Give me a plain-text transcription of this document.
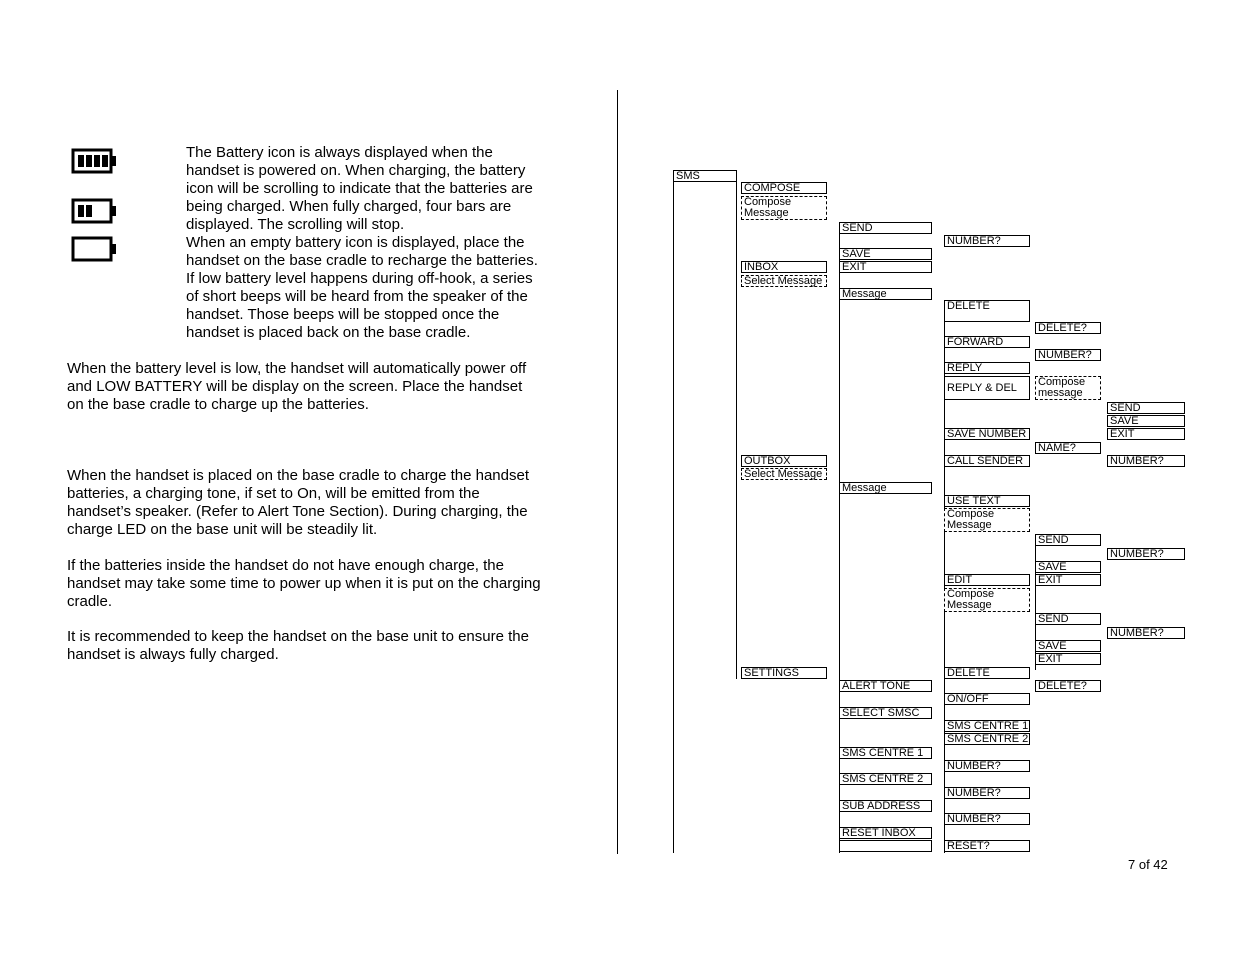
The Battery icon is always displayed when the
handset is powered on. When charging, the battery
icon will be scrolling to indicate that the batteries are
being charged. When fully charged, four bars are
displayed. The scrolling will stop.
When an empty battery icon is displayed, place the
handset on the base cradle to recharge the batteries.
If low battery level happens during off-hook, a series
of short beeps will be heard from the speaker of the
handset. Those beeps will be stopped once the
handset is placed back on the base cradle.
When the battery level is low, the handset will automatically power off
and LOW BATTERY will be display on the screen. Place the handset
on the base cradle to charge up the batteries.
When the handset is placed on the base cradle to charge the handset
batteries, a charging tone, if set to On, will be emitted from the
handset’s speaker. (Refer to Alert Tone Section). During charging, the
charge LED on the base unit will be steadily lit.
If the batteries inside the handset do not have enough charge, the
handset may take some time to power up when it is put on the charging
cradle.
It is recommended to keep the handset on the base unit to ensure the
handset is always fully charged.
SMS
COMPOSE
Compose
Message
SEND
NUMBER?
SAVE
INBOX	EXIT
Select Message
Message
DELETE
DELETE?
FORWARD
NUMBER?
REPLY
REPLY & DEL	Compose
message
SEND
SAVE
SAVE NUMBER	EXIT
NAME?
OUTBOX	CALL SENDER	NUMBER?
Select Message
Message
USE TEXT
Compose
Message
SEND
NUMBER?
SAVE
EDIT	EXIT
Compose
Message
SEND
NUMBER?
SAVE
EXIT
SETTINGS	DELETE
ALERT TONE	DELETE?
ON/OFF
SELECT SMSC
SMS CENTRE 1
SMS CENTRE 2
SMS CENTRE 1
NUMBER?
SMS CENTRE 2
NUMBER?
SUB ADDRESS
NUMBER?
RESET INBOX
RESET?
7 of 42
